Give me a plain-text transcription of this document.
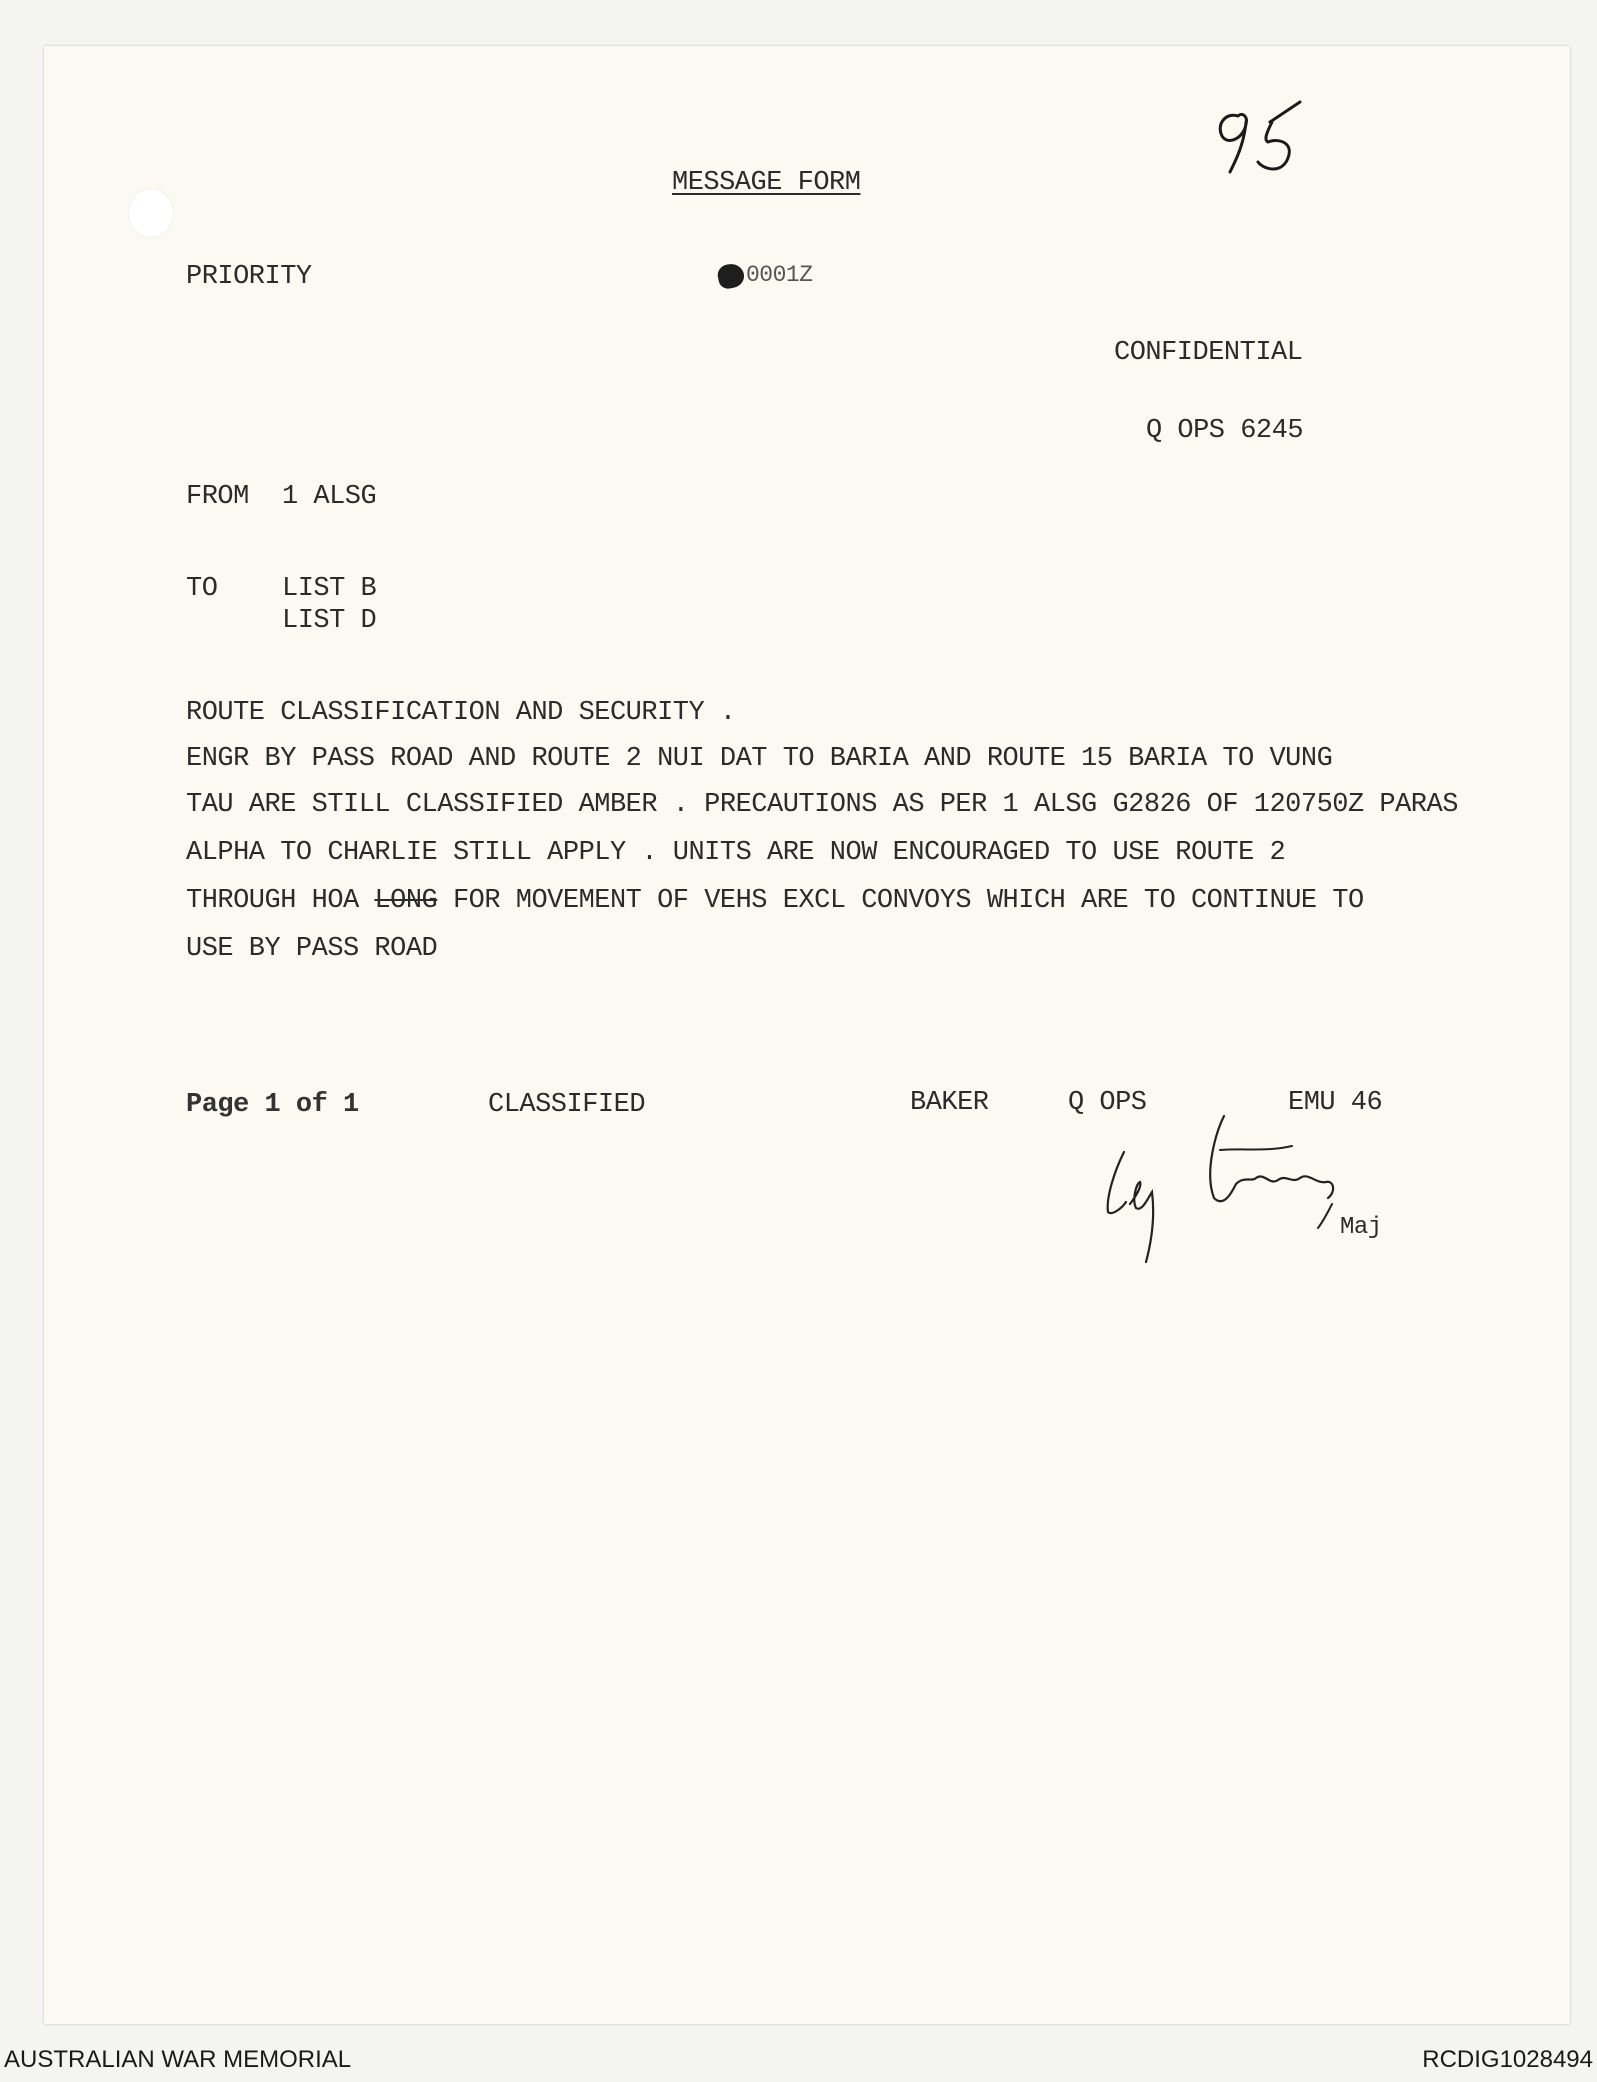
MESSAGE FORM
PRIORITY	0001Z
CONFIDENTIAL
Q OPS 6245
FROM 1 ALSG
TO LIST B
LIST D
ROUTE CLASSIFICATION AND SECURITY .
ENGR BY PASS ROAD AND ROUTE 2 NUI DAT TO BARIA AND ROUTE 15 BARIA TO VUNG
TAU ARE STILL CLASSIFIED AMBER . PRECAUTIONS AS PER 1 ALSG G2826 OF 120750Z PARAS
ALPHA TO CHARLIE STILL APPLY . UNITS ARE NOW ENCOURAGED TO USE ROUTE 2
THROUGH HOA LONG FOR MOVEMENT OF VEHS EXCL CONVOYS WHICH ARE TO CONTINUE TO
USE BY PASS ROAD
Page 1 of 1	CLASSIFIED	BAKER	Q OPS	EMU 46
Maj
AUSTRALIAN WAR MEMORIAL	RCDIG1028494
